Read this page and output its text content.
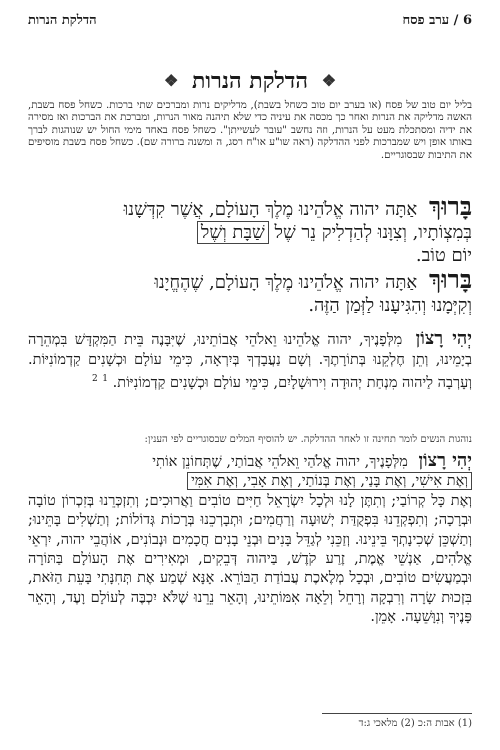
6 / ערב פסח
הדלקת הנרות
❖ הדלקת הנרות ❖
בליל יום טוב של פסח (או בערב יום טוב כשחל בשבת), מדליקים נרות ומברכים שתי ברכות. כשחל פסח בשבת, האשה מדליקה את הנרות ואחר כך מכסה את עיניה כדי שלא תיהנה מאור הנרות, ומברכת את הברכות ואז מסירה את ידיה ומסתכלת מעט על הנרות, וזה נחשב "עובר לעשייתן". כשחל פסח באחד מימי החול יש שנוהגות לברך באותו אופן ויש שמברכות לפני ההדלקה (ראה שו"ע או"ח רסג, ה ומשנה ברורה שם). כשחל פסח בשבת מוסיפים את התיבות שבסוגריים.
בָּרוּךְ אַתָּה יהוה אֱלֹהֵינוּ מֶלֶךְ הָעוֹלָם, אֲשֶׁר קִדְּשָׁנוּ
בְּמִצְוֹתָיו, וְצִוָּנוּ לְהַדְלִיק נֵר שֶׁל שַׁבָּת וְשֶׁל
יוֹם טוֹב.
בָּרוּךְ אַתָּה יהוה אֱלֹהֵינוּ מֶלֶךְ הָעוֹלָם, שֶׁהֶחֱיָנוּ
וְקִיְּמָנוּ וְהִגִּיעָנוּ לַזְּמַן הַזֶּה.
יְהִי רָצוֹן מִלְּפָנֶיךָ, יהוה אֱלֹהֵינוּ וֵאלֹהֵי אֲבוֹתֵינוּ, שֶׁיִּבָּנֶה בֵּית הַמִּקְדָּשׁ בִּמְהֵרָה בְיָמֵינוּ, וְתֵן חֶלְקֵנוּ בְּתוֹרָתֶךָ. וְשָׁם נַעֲבָדְךָ בְּיִרְאָה, כִּימֵי עוֹלָם וּכְשָׁנִים קַדְמוֹנִיּוֹת. וְעָרְבָה לַיהוה מִנְחַת יְהוּדָה וִירוּשָׁלָיִם, כִּימֵי עוֹלָם וּכְשָׁנִים קַדְמוֹנִיּוֹת. $^1$ $^2$
נוהגות הנשים לומר תחינה זו לאחר ההדלקה. יש להוסיף המלים שבסוגריים לפי הענין:
יְהִי רָצוֹן מִלְּפָנֶיךָ, יהוה אֱלֹהַי וֵאלֹהֵי אֲבוֹתַי, שֶׁתְּחוֹנֵן אוֹתִי
וְאֶת אִישִׁי, וְאֶת בָּנַי, וְאֶת בְּנוֹתַי, וְאֶת אָבִי, וְאֶת אִמִּי
וְאֶת כָּל קְרוֹבַי; וְתִתֶּן לָנוּ וּלְכָל יִשְׂרָאֵל חַיִּים טוֹבִים וַאֲרוּכִים; וְתִזְכְּרֵנוּ בְּזִכְרוֹן טוֹבָה וּבְרָכָה; וְתִפְקְדֵנוּ בִּפְקֻדַּת יְשׁוּעָה וְרַחֲמִים; וּתְבָרְכֵנוּ בְּרָכוֹת גְּדוֹלוֹת; וְתַשְׁלִים בָּתֵּינוּ; וְתַשְׁכֵּן שְׁכִינָתְךָ בֵּינֵינוּ. וְזַכֵּנִי לְגַדֵּל בָּנִים וּבְנֵי בָנִים חֲכָמִים וּנְבוֹנִים, אוֹהֲבֵי יהוה, יִרְאֵי אֱלֹהִים, אַנְשֵׁי אֱמֶת, זֶרַע קֹדֶשׁ, בַּיהוה דְּבֵקִים, וּמְאִירִים אֶת הָעוֹלָם בַּתּוֹרָה וּבְמַעֲשִׂים טוֹבִים, וּבְכָל מְלֶאכֶת עֲבוֹדַת הַבּוֹרֵא. אָנָּא שְׁמַע אֶת תְּחִנָּתִי בָּעֵת הַזֹּאת, בִּזְכוּת שָׂרָה וְרִבְקָה וְרָחֵל וְלֵאָה אִמּוֹתֵינוּ, וְהָאֵר נֵרֵנוּ שֶׁלֹּא יִכְבֶּה לְעוֹלָם וָעֶד, וְהָאֵר פָּנֶיךָ וְנִוָּשֵׁעָה. אָמֵן.
(1) אבות ה:כ (2) מלאכי ג:ד
